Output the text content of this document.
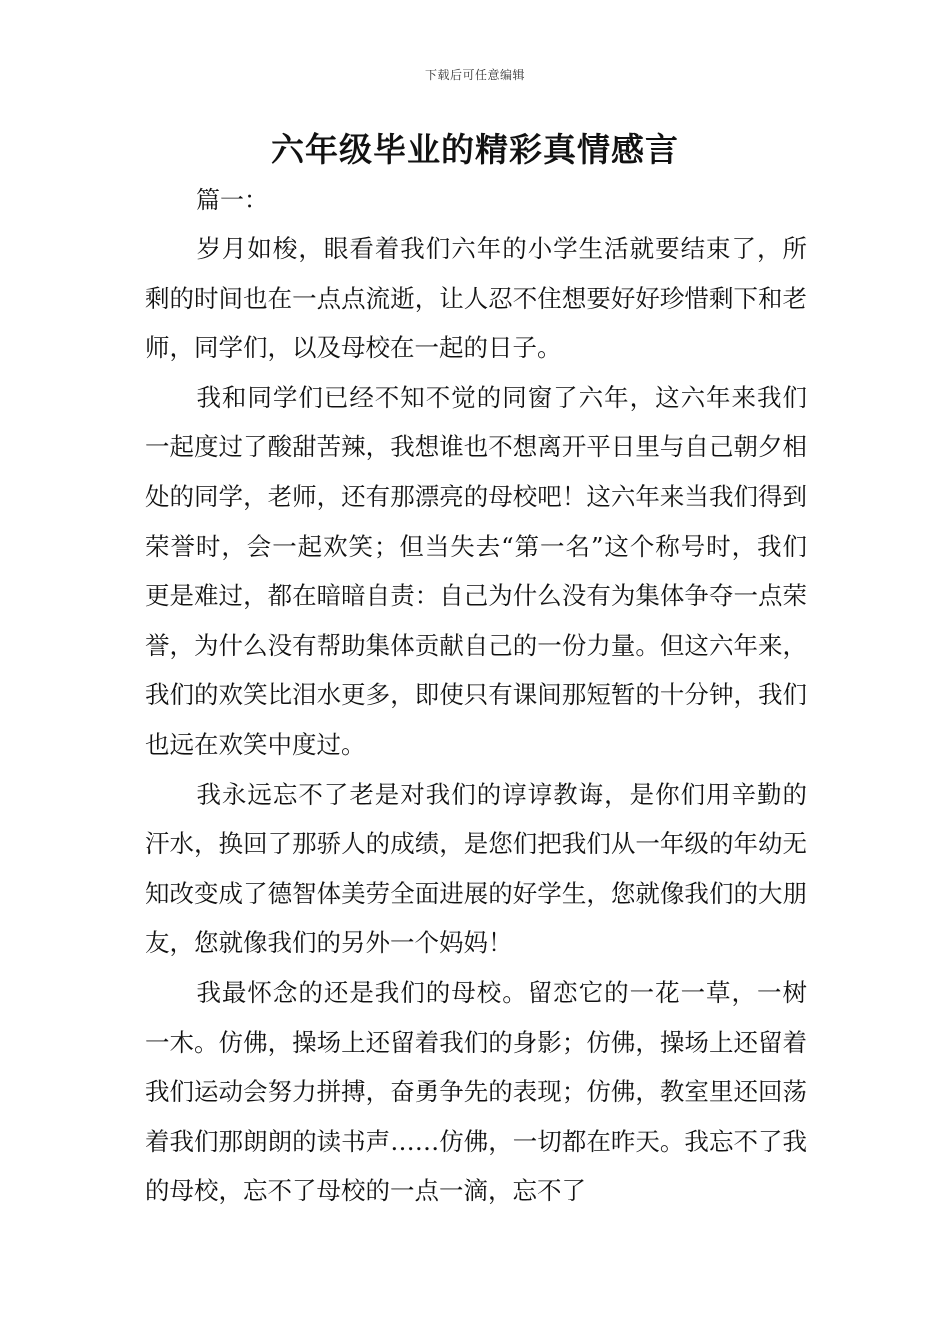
下载后可任意编辑
六年级毕业的精彩真情感言
篇一：

岁月如梭，眼看着我们六年的小学生活就要结束了，所剩的时间也在一点点流逝，让人忍不住想要好好珍惜剩下和老师，同学们，以及母校在一起的日子。

我和同学们已经不知不觉的同窗了六年，这六年来我们一起度过了酸甜苦辣，我想谁也不想离开平日里与自己朝夕相处的同学，老师，还有那漂亮的母校吧！这六年来当我们得到荣誉时，会一起欢笑；但当失去“第一名”这个称号时，我们更是难过，都在暗暗自责：自己为什么没有为集体争夺一点荣誉，为什么没有帮助集体贡献自己的一份力量。但这六年来，我们的欢笑比泪水更多，即使只有课间那短暂的十分钟，我们也远在欢笑中度过。

我永远忘不了老是对我们的谆谆教诲，是你们用辛勤的汗水，换回了那骄人的成绩，是您们把我们从一年级的年幼无知改变成了德智体美劳全面进展的好学生，您就像我们的大朋友，您就像我们的另外一个妈妈！

我最怀念的还是我们的母校。留恋它的一花一草，一树一木。仿佛，操场上还留着我们的身影；仿佛，操场上还留着我们运动会努力拼搏，奋勇争先的表现；仿佛，教室里还回荡着我们那朗朗的读书声……仿佛，一切都在昨天。我忘不了我的母校，忘不了母校的一点一滴，忘不了
